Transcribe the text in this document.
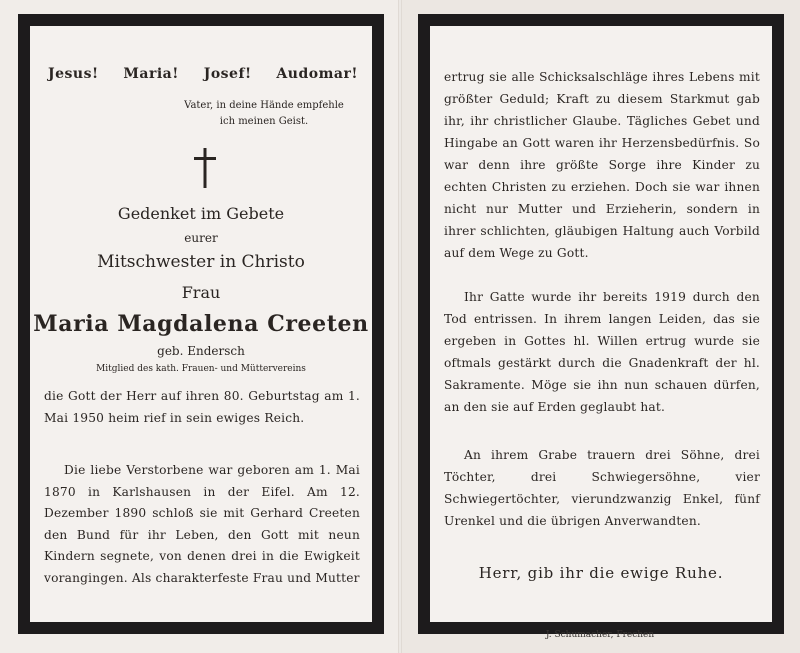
Jesus! Maria! Josef! Audomar!
Vater, in deine Hände empfehle
ich meinen Geist.
Gedenket im Gebete
eurer
Mitschwester in Christo
Frau
Maria Magdalena Creeten
geb. Endersch
Mitglied des kath. Frauen- und Müttervereins
die Gott der Herr auf ihren 80. Geburtstag am 1. Mai 1950 heim rief in sein ewiges Reich.
Die liebe Verstorbene war geboren am 1. Mai 1870 in Karlshausen in der Eifel. Am 12. Dezember 1890 schloß sie mit Gerhard Creeten den Bund für ihr Leben, den Gott mit neun Kindern segnete, von denen drei in die Ewigkeit vorangingen. Als charakterfeste Frau und Mutter
ertrug sie alle Schicksalschläge ihres Lebens mit größter Geduld; Kraft zu diesem Starkmut gab ihr, ihr christlicher Glaube. Tägliches Gebet und Hingabe an Gott waren ihr Herzensbedürfnis. So war denn ihre größte Sorge ihre Kinder zu echten Christen zu erziehen. Doch sie war ihnen nicht nur Mutter und Erzieherin, sondern in ihrer schlichten, gläubigen Haltung auch Vorbild auf dem Wege zu Gott.
Ihr Gatte wurde ihr bereits 1919 durch den Tod entrissen. In ihrem langen Leiden, das sie ergeben in Gottes hl. Willen ertrug wurde sie oftmals gestärkt durch die Gnadenkraft der hl. Sakramente. Möge sie ihn nun schauen dürfen, an den sie auf Erden geglaubt hat.
An ihrem Grabe trauern drei Söhne, drei Töchter, drei Schwiegersöhne, vier Schwiegertöchter, vierundzwanzig Enkel, fünf Urenkel und die übrigen Anverwandten.
Herr, gib ihr die ewige Ruhe.
J. Schumacher, Frechen
